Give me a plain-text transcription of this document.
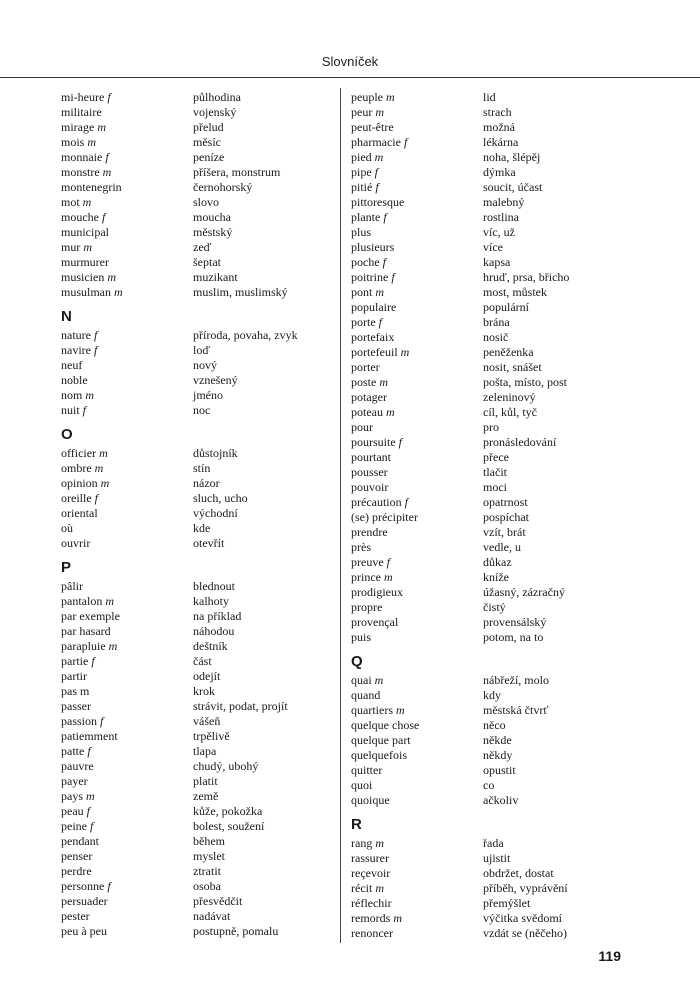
Slovníček
mi-heure f	půlhodina
militaire	vojenský
mirage m	přelud
mois m	měsíc
monnaie f	peníze
monstre m	příšera, monstrum
montenegrin	černohorský
mot m	slovo
mouche f	moucha
municipal	městský
mur m	zeď
murmurer	šeptat
musicien m	muzikant
musulman m	muslim, muslimský
N
nature f	příroda, povaha, zvyk
navire f	loď
neuf	nový
noble	vznešený
nom m	jméno
nuit f	noc
O
officier m	důstojník
ombre m	stín
opinion m	názor
oreille f	sluch, ucho
oriental	východní
où	kde
ouvrir	otevřít
P
pâlir	blednout
pantalon m	kalhoty
par exemple	na příklad
par hasard	náhodou
parapluie m	deštník
partie f	část
partir	odejít
pas m	krok
passer	strávit, podat, projít
passion f	vášeň
patiemment	trpělivě
patte f	tlapa
pauvre	chudý, ubohý
payer	platit
pays m	země
peau f	kůže, pokožka
peine f	bolest, soužení
pendant	během
penser	myslet
perdre	ztratit
personne f	osoba
persuader	přesvědčit
pester	nadávat
peu à peu	postupně, pomalu
peuple m	lid
peur m	strach
peut-être	možná
pharmacie f	lékárna
pied m	noha, šlépěj
pipe f	dýmka
pitié f	soucit, účast
pittoresque	malebný
plante f	rostlina
plus	víc, už
plusieurs	více
poche f	kapsa
poitrine f	hruď, prsa, břicho
pont m	most, můstek
populaire	populární
porte f	brána
portefaix	nosič
portefeuil m	peněženka
porter	nosit, snášet
poste m	pošta, místo, post
potager	zeleninový
poteau m	cíl, kůl, tyč
pour	pro
poursuite f	pronásledování
pourtant	přece
pousser	tlačit
pouvoir	moci
précaution f	opatrnost
(se) précipiter	pospíchat
prendre	vzít, brát
près	vedle, u
preuve f	důkaz
prince m	kníže
prodigieux	úžasný, zázračný
propre	čistý
provençal	provensálský
puis	potom, na to
Q
quai m	nábřeží, molo
quand	kdy
quartiers m	městská čtvrť
quelque chose	něco
quelque part	někde
quelquefois	někdy
quitter	opustit
quoi	co
quoique	ačkoliv
R
rang m	řada
rassurer	ujistit
reçevoir	obdržet, dostat
récit m	příběh, vyprávění
réflechir	přemýšlet
remords m	výčitka svědomí
renoncer	vzdát se (něčeho)
119
